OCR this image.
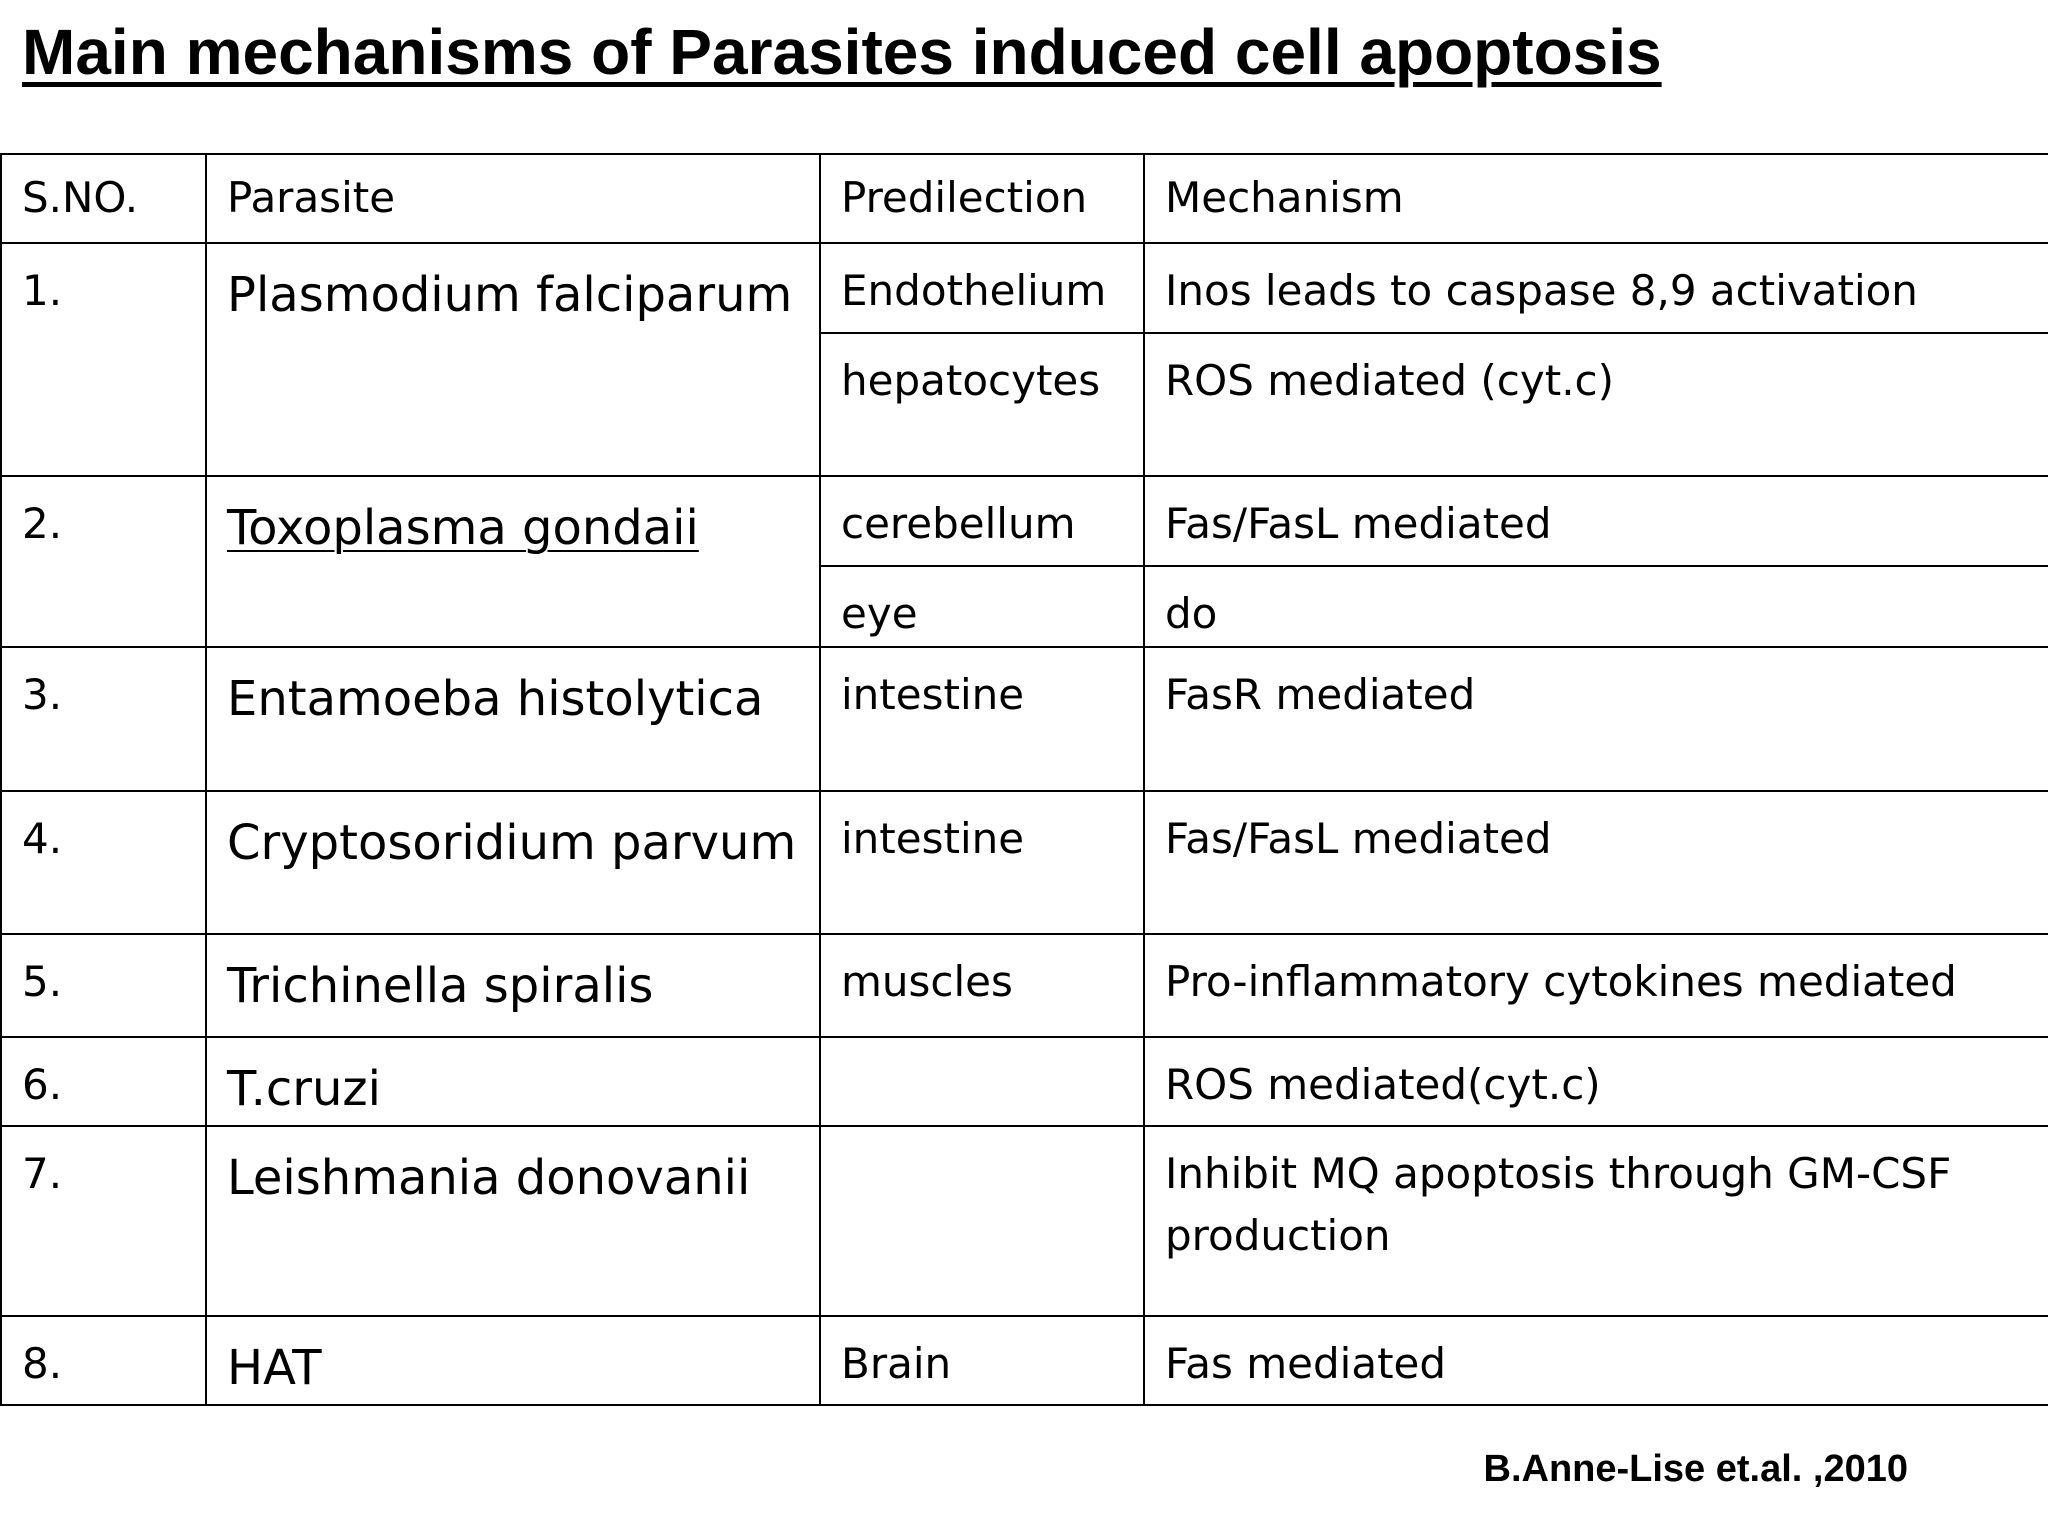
Main mechanisms of Parasites induced cell apoptosis
S.NO.	Parasite	Predilection	Mechanism
1.	Plasmodium falciparum	Endothelium	Inos leads to caspase 8,9 activation
		hepatocytes	ROS mediated (cyt.c)
2.	Toxoplasma gondaii	cerebellum	Fas/FasL mediated
		eye	do
3.	Entamoeba histolytica	intestine	FasR mediated
4.	Cryptosoridium parvum	intestine	Fas/FasL mediated
5.	Trichinella spiralis	muscles	Pro-inflammatory cytokines mediated
6.	T.cruzi		ROS mediated(cyt.c)
7.	Leishmania donovanii		Inhibit MQ apoptosis through GM-CSF production
8.	HAT	Brain	Fas mediated
B.Anne-Lise et.al. ,2010
